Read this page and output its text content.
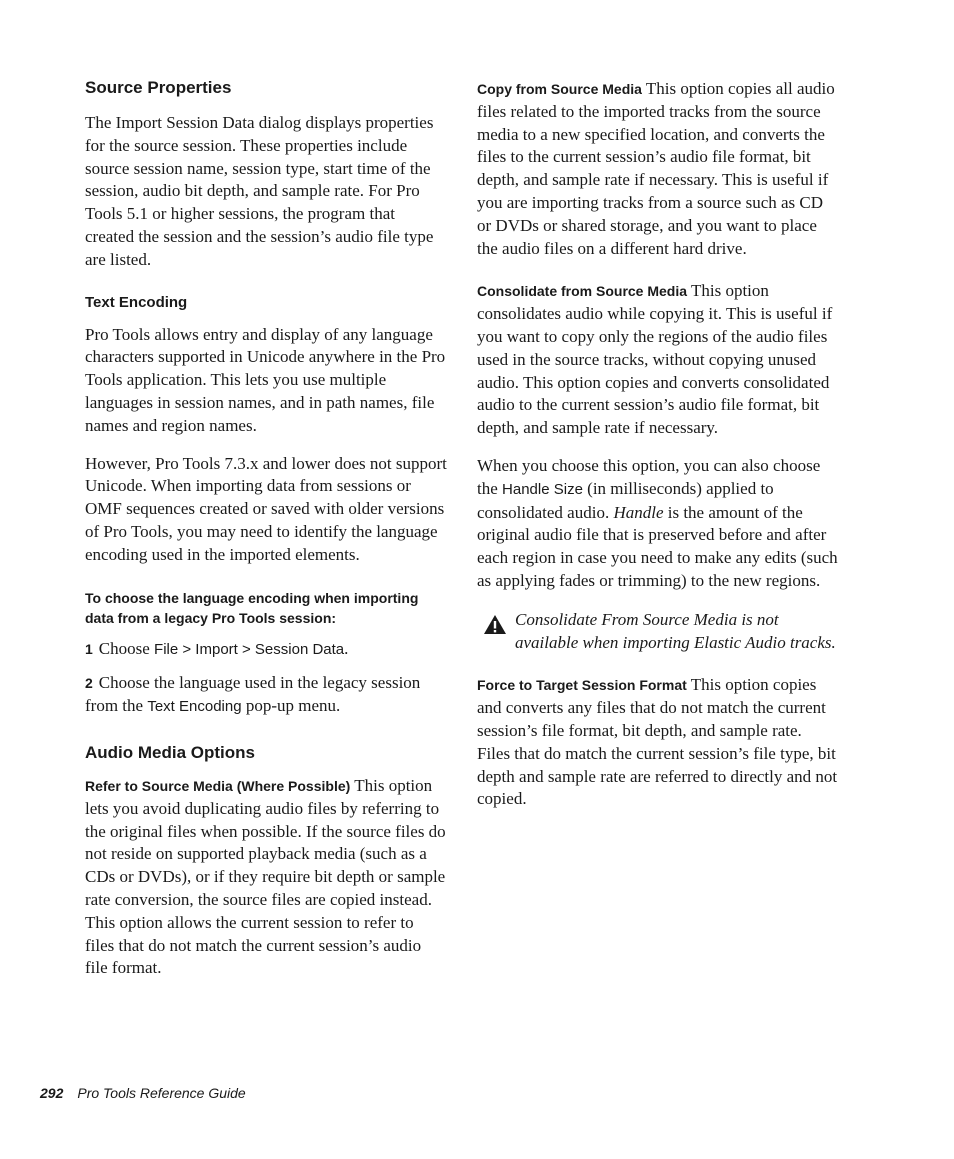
Source Properties

The Import Session Data dialog displays properties for the source session. These properties include source session name, session type, start time of the session, audio bit depth, and sample rate. For Pro Tools 5.1 or higher sessions, the program that created the session and the session’s audio file type are listed.

Text Encoding

Pro Tools allows entry and display of any language characters supported in Unicode anywhere in the Pro Tools application. This lets you use multiple languages in session names, and in path names, file names and region names.

However, Pro Tools 7.3.x and lower does not support Unicode. When importing data from sessions or OMF sequences created or saved with older versions of Pro Tools, you may need to identify the language encoding used in the imported elements.

To choose the language encoding when importing data from a legacy Pro Tools session:
1 Choose File > Import > Session Data.
2 Choose the language used in the legacy session from the Text Encoding pop-up menu.
Audio Media Options

Refer to Source Media (Where Possible) This option lets you avoid duplicating audio files by referring to the original files when possible. If the source files do not reside on supported playback media (such as a CDs or DVDs), or if they require bit depth or sample rate conversion, the source files are copied instead. This option allows the current session to refer to files that do not match the current session’s audio file format.

Copy from Source Media This option copies all audio files related to the imported tracks from the source media to a new specified location, and converts the files to the current session’s audio file format, bit depth, and sample rate if necessary. This is useful if you are importing tracks from a source such as CD or DVDs or shared storage, and you want to place the audio files on a different hard drive.

Consolidate from Source Media This option consolidates audio while copying it. This is useful if you want to copy only the regions of the audio files used in the source tracks, without copying unused audio. This option copies and converts consolidated audio to the current session’s audio file format, bit depth, and sample rate if necessary.

When you choose this option, you can also choose the Handle Size (in milliseconds) applied to consolidated audio. Handle is the amount of the original audio file that is preserved before and after each region in case you need to make any edits (such as applying fades or trimming) to the new regions.

Consolidate From Source Media is not available when importing Elastic Audio tracks.

Force to Target Session Format This option copies and converts any files that do not match the current session’s file format, bit depth, and sample rate. Files that do match the current session’s file type, bit depth and sample rate are referred to directly and not copied.

292 Pro Tools Reference Guide
